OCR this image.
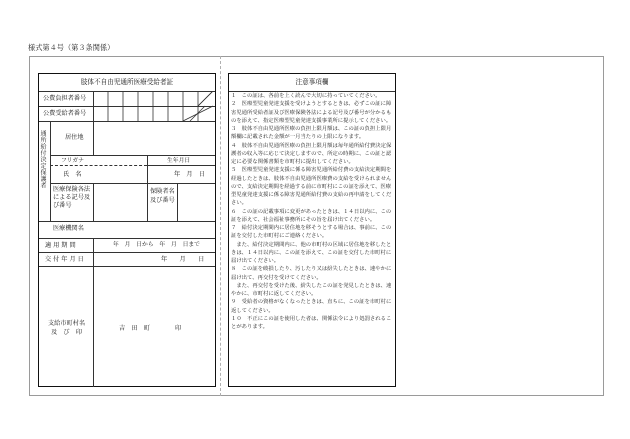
様式第４号（第３条関係）
肢体不自由児通所医療受給者証
公費負担者番号
公費受給者番号
通所給付決定保護者	居住地
フリガナ	生年月日
氏　名	年　月　日
医療保険各法
による記号及
び番号
保険者名
及び番号
医療機関名
適 用 期 間	年　月　日から　年　月　日まで
交 付 年 月 日	年　　月　　日
支給市町村名
及　び　印
吉　田　町	印
注意事項欄

１　この証は、各前を上く読んで大切に持っていてください。

２　医療型児童発達支援を受けようとするときは、必ずこの証に障害児通所受給者証及び医療保険各法による記号及び番号が分かるものを添えて、指定医療型児童発達支援事業所に提示してください。

３　肢体不自由児通所医療の負担上限月額は、この証の負担上限月額欄に記載された金額が一月当たりの上限になります。

４　肢体不自由児通所医療の負担上限月額は毎年通所給付費決定保護者の収入等に応じて決定しますので、所定の時期に、この証と認定に必要な関係書類を市町村に提出してください。

５　医療型児童発達支援に係る障害児通所給付費の支給決定期間を経過したときは、肢体不自由児通所医療費の支給を受けられませんので、支給決定期間を経過する前に市町村にこの証を添えて、医療型児童発達支援に係る障害児通所給付費の支給の再申請をしてください。

６　この証の記載事項に変更があったときは、１４日以内に、この証を添えて、社会福祉事務所にその旨を届け出てください。

７　給付決定期間内に居住地を移そうとする場合は、事前に、この証を交付した市町村にご連絡ください。

　また、給付決定期間内に、他の市町村の区域に居住地を移したときは、１４日以内に、この証を添えて、この証を交付した市町村に届け出てください。

８　この証を破損したり、汚したり又は紛失したときは、速やかに届け出て、再交付を受けてください。

　また、再交付を受けた後、紛失したこの証を発見したときは、速やかに、市町村に返してください。

９　受給者の資格がなくなったときは、直ちに、この証を市町村に返してください。

１０　不正にこの証を使用した者は、関係法令により処罰されることがあります。
